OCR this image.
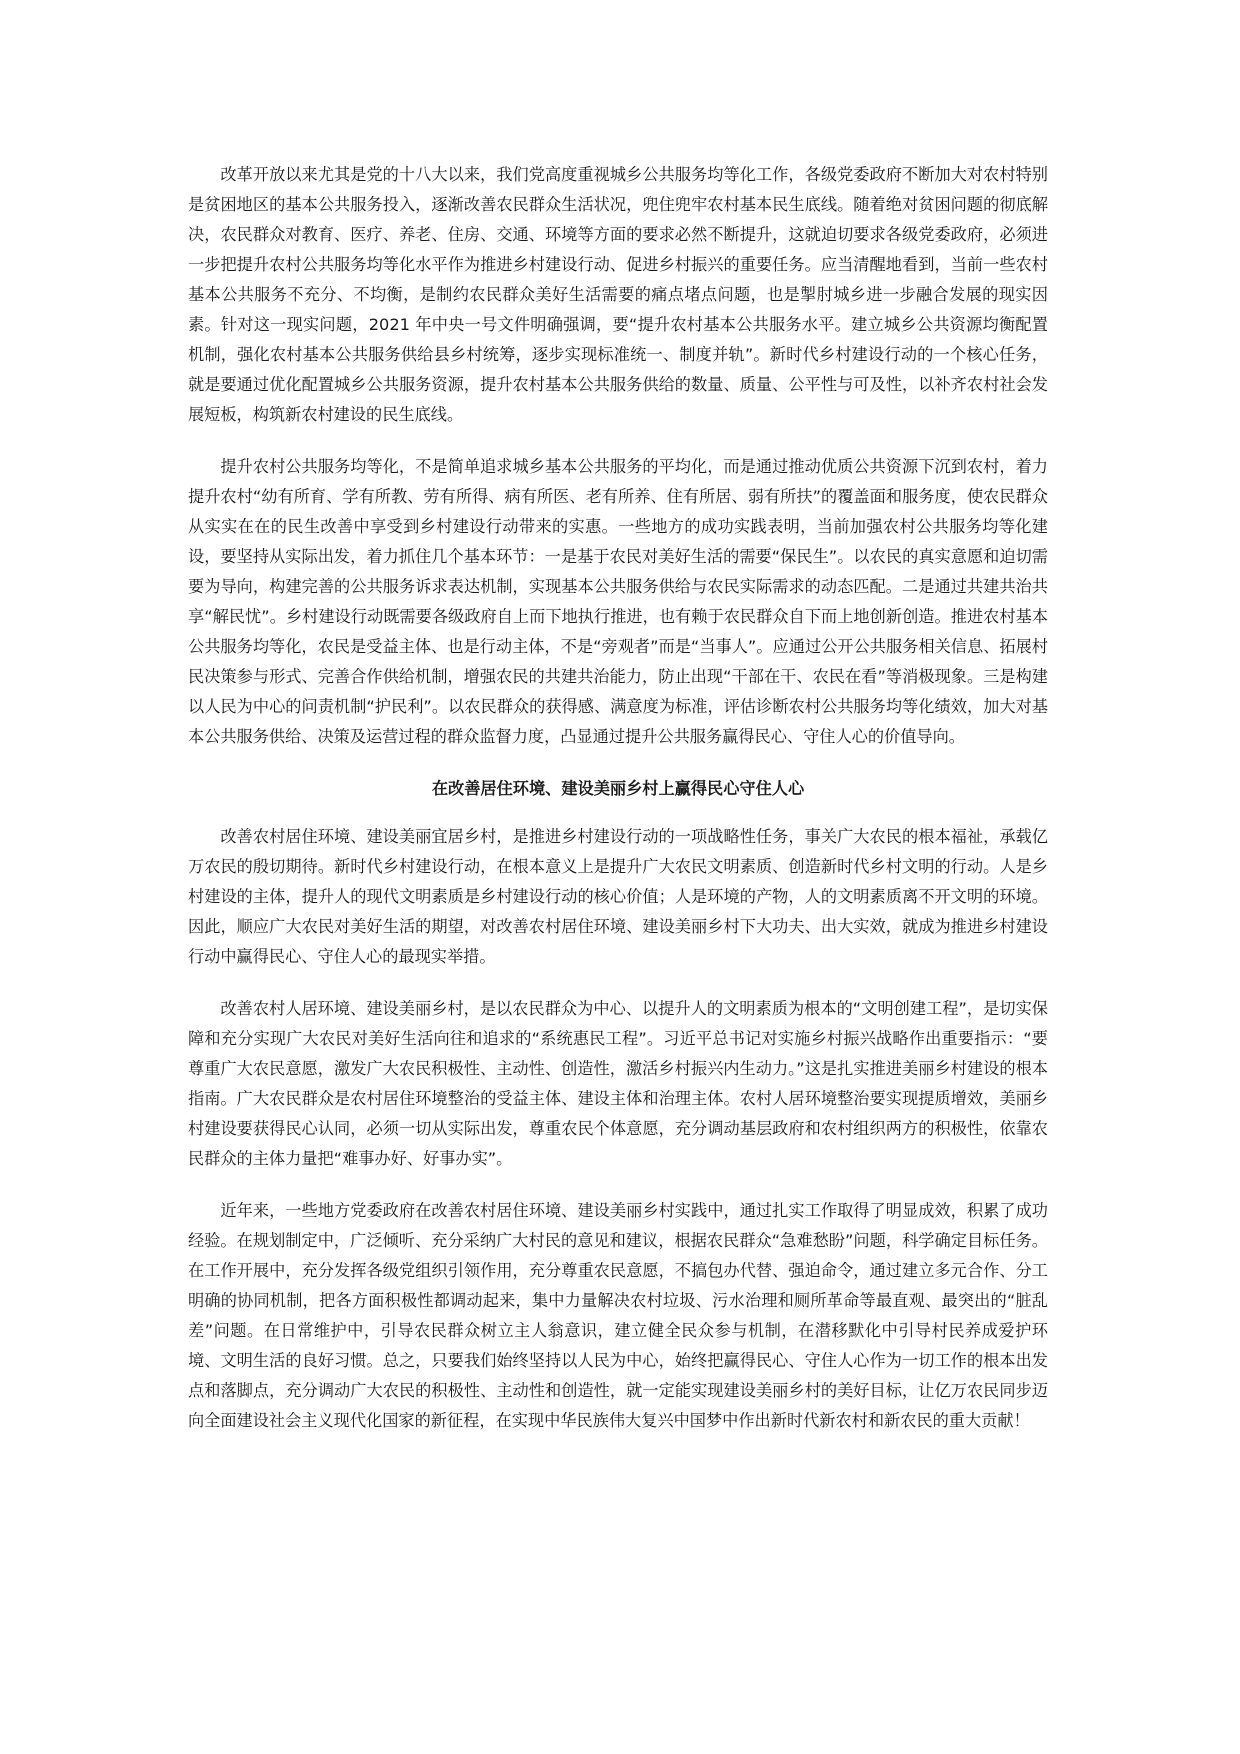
改革开放以来尤其是党的十八大以来，我们党高度重视城乡公共服务均等化工作，各级党委政府不断加大对农村特别是贫困地区的基本公共服务投入，逐渐改善农民群众生活状况，兜住兜牢农村基本民生底线。随着绝对贫困问题的彻底解决，农民群众对教育、医疗、养老、住房、交通、环境等方面的要求必然不断提升，这就迫切要求各级党委政府，必须进一步把提升农村公共服务均等化水平作为推进乡村建设行动、促进乡村振兴的重要任务。应当清醒地看到，当前一些农村基本公共服务不充分、不均衡，是制约农民群众美好生活需要的痛点堵点问题，也是掣肘城乡进一步融合发展的现实因素。针对这一现实问题，2021 年中央一号文件明确强调，要“提升农村基本公共服务水平。建立城乡公共资源均衡配置机制，强化农村基本公共服务供给县乡村统筹，逐步实现标准统一、制度并轨”。新时代乡村建设行动的一个核心任务，就是要通过优化配置城乡公共服务资源，提升农村基本公共服务供给的数量、质量、公平性与可及性，以补齐农村社会发展短板，构筑新农村建设的民生底线。

提升农村公共服务均等化，不是简单追求城乡基本公共服务的平均化，而是通过推动优质公共资源下沉到农村，着力提升农村“幼有所育、学有所教、劳有所得、病有所医、老有所养、住有所居、弱有所扶”的覆盖面和服务度，使农民群众从实实在在的民生改善中享受到乡村建设行动带来的实惠。一些地方的成功实践表明，当前加强农村公共服务均等化建设，要坚持从实际出发，着力抓住几个基本环节：一是基于农民对美好生活的需要“保民生”。以农民的真实意愿和迫切需要为导向，构建完善的公共服务诉求表达机制，实现基本公共服务供给与农民实际需求的动态匹配。二是通过共建共治共享“解民忧”。乡村建设行动既需要各级政府自上而下地执行推进，也有赖于农民群众自下而上地创新创造。推进农村基本公共服务均等化，农民是受益主体、也是行动主体，不是“旁观者”而是“当事人”。应通过公开公共服务相关信息、拓展村民决策参与形式、完善合作供给机制，增强农民的共建共治能力，防止出现“干部在干、农民在看”等消极现象。三是构建以人民为中心的问责机制“护民利”。以农民群众的获得感、满意度为标准，评估诊断农村公共服务均等化绩效，加大对基本公共服务供给、决策及运营过程的群众监督力度，凸显通过提升公共服务赢得民心、守住人心的价值导向。

在改善居住环境、建设美丽乡村上赢得民心守住人心

改善农村居住环境、建设美丽宜居乡村，是推进乡村建设行动的一项战略性任务，事关广大农民的根本福祉，承载亿万农民的殷切期待。新时代乡村建设行动，在根本意义上是提升广大农民文明素质、创造新时代乡村文明的行动。人是乡村建设的主体，提升人的现代文明素质是乡村建设行动的核心价值；人是环境的产物，人的文明素质离不开文明的环境。因此，顺应广大农民对美好生活的期望，对改善农村居住环境、建设美丽乡村下大功夫、出大实效，就成为推进乡村建设行动中赢得民心、守住人心的最现实举措。

改善农村人居环境、建设美丽乡村，是以农民群众为中心、以提升人的文明素质为根本的“文明创建工程”，是切实保障和充分实现广大农民对美好生活向往和追求的“系统惠民工程”。习近平总书记对实施乡村振兴战略作出重要指示：“要尊重广大农民意愿，激发广大农民积极性、主动性、创造性，激活乡村振兴内生动力。”这是扎实推进美丽乡村建设的根本指南。广大农民群众是农村居住环境整治的受益主体、建设主体和治理主体。农村人居环境整治要实现提质增效，美丽乡村建设要获得民心认同，必须一切从实际出发，尊重农民个体意愿，充分调动基层政府和农村组织两方的积极性，依靠农民群众的主体力量把“难事办好、好事办实”。

近年来，一些地方党委政府在改善农村居住环境、建设美丽乡村实践中，通过扎实工作取得了明显成效，积累了成功经验。在规划制定中，广泛倾听、充分采纳广大村民的意见和建议，根据农民群众“急难愁盼”问题，科学确定目标任务。在工作开展中，充分发挥各级党组织引领作用，充分尊重农民意愿，不搞包办代替、强迫命令，通过建立多元合作、分工明确的协同机制，把各方面积极性都调动起来，集中力量解决农村垃圾、污水治理和厕所革命等最直观、最突出的“脏乱差”问题。在日常维护中，引导农民群众树立主人翁意识，建立健全民众参与机制，在潜移默化中引导村民养成爱护环境、文明生活的良好习惯。总之，只要我们始终坚持以人民为中心，始终把赢得民心、守住人心作为一切工作的根本出发点和落脚点，充分调动广大农民的积极性、主动性和创造性，就一定能实现建设美丽乡村的美好目标，让亿万农民同步迈向全面建设社会主义现代化国家的新征程，在实现中华民族伟大复兴中国梦中作出新时代新农村和新农民的重大贡献！
